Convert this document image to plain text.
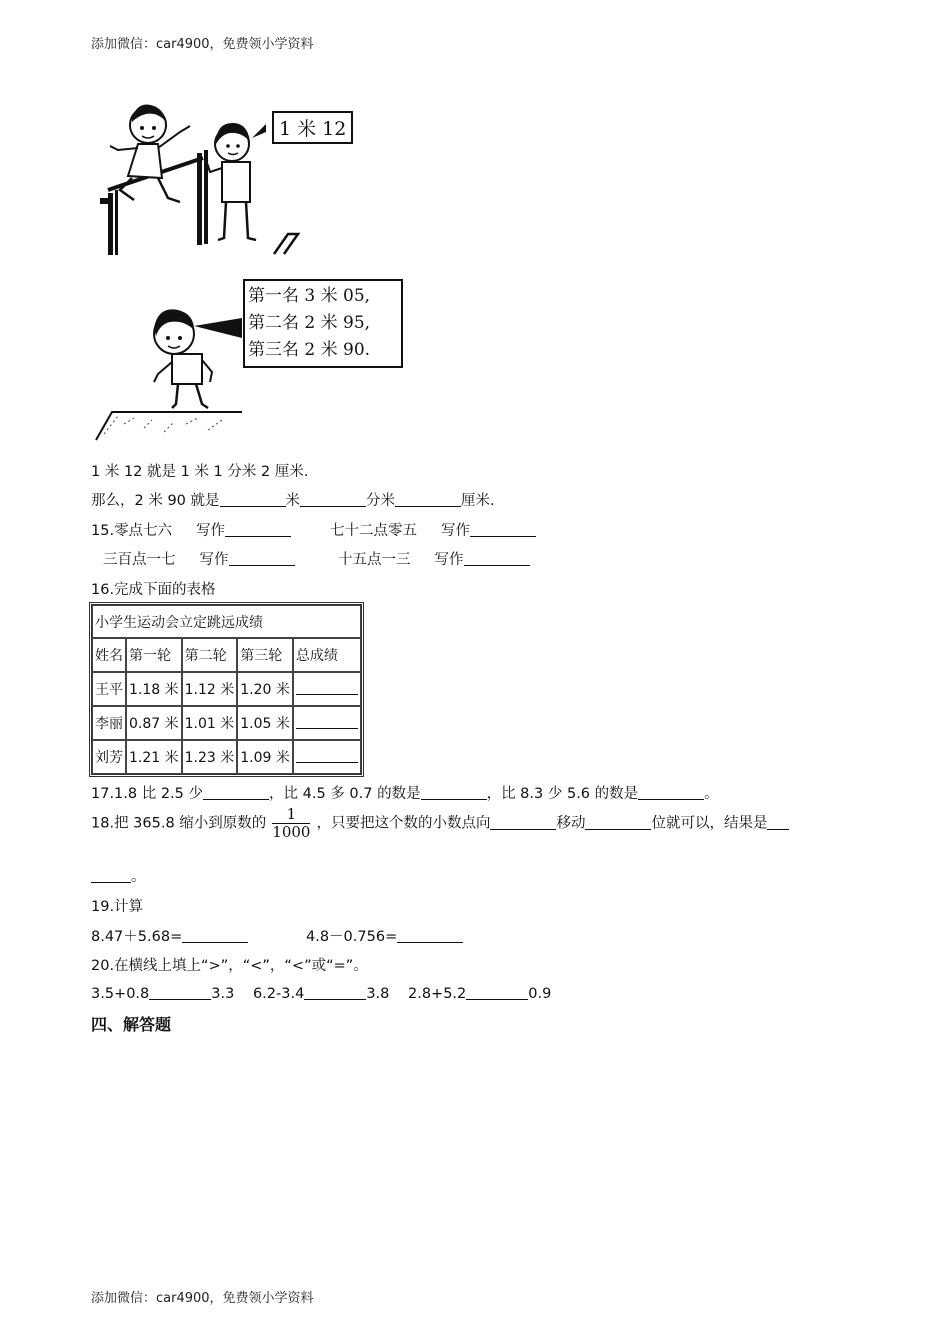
添加微信：car4900，免费领小学资料
1 米 12
第一名 3 米 05,
第二名 2 米 95,
第三名 2 米 90.
1 米 12 就是 1 米 1 分米 2 厘米.
那么，2 米 90 就是	米	分米	厘米.
15.零点七六 写作	七十二点零五 写作
三百点一七 写作	十五点一三 写作
16.完成下面的表格
小学生运动会立定跳远成绩				
姓名	第一轮	第二轮	第三轮	总成绩
王平	1.18 米	1.12 米	1.20 米	
李丽	0.87 米	1.01 米	1.05 米	
刘芳	1.21 米	1.23 米	1.09 米	
17.1.8 比 2.5 少	，比 4.5 多 0.7 的数是	，比 8.3 少 5.6 的数是	。
18.把 365.8 缩小到原数的 $\frac{1}{1000}$ ，只要把这个数的小数点向	移动	位就可以，结果是
。
19.计算
8.47＋5.68=	4.8－0.756=
20.在横线上填上“>”，“<”，“<”或“=”。
3.5+0.8	3.3 6.2-3.4	3.8 2.8+5.2	0.9
四、解答题
添加微信：car4900，免费领小学资料
